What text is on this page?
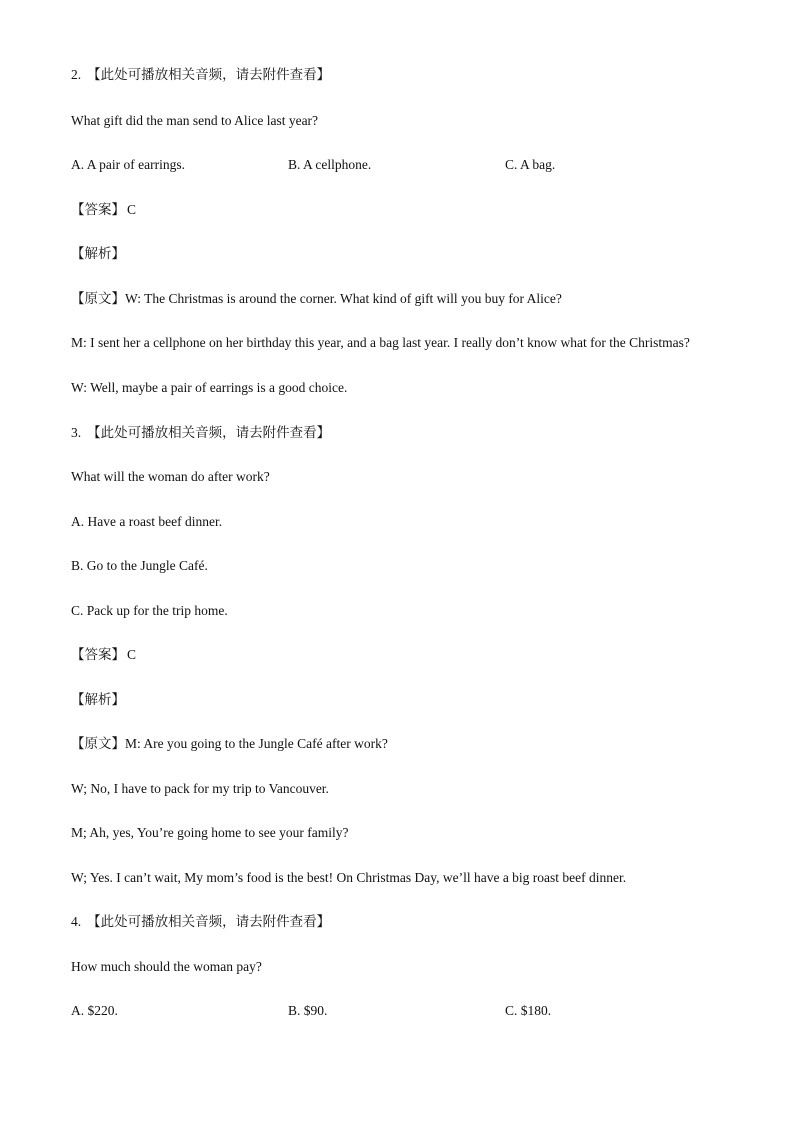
2. 【此处可播放相关音频，请去附件查看】
What gift did the man send to Alice last year?
A. A pair of earrings.	B. A cellphone.	C. A bag.
【答案】 C
【解析】
【原文】W: The Christmas is around the corner. What kind of gift will you buy for Alice?
M: I sent her a cellphone on her birthday this year, and a bag last year. I really don’t know what for the Christmas?
W: Well, maybe a pair of earrings is a good choice.
3. 【此处可播放相关音频，请去附件查看】
What will the woman do after work?
A. Have a roast beef dinner.
B. Go to the Jungle Café.
C. Pack up for the trip home.
【答案】 C
【解析】
【原文】M: Are you going to the Jungle Café after work?
W; No, I have to pack for my trip to Vancouver.
M; Ah, yes, You’re going home to see your family?
W; Yes. I can’t wait, My mom’s food is the best! On Christmas Day, we’ll have a big roast beef dinner.
4. 【此处可播放相关音频，请去附件查看】
How much should the woman pay?
A. $220.	B. $90.	C. $180.
